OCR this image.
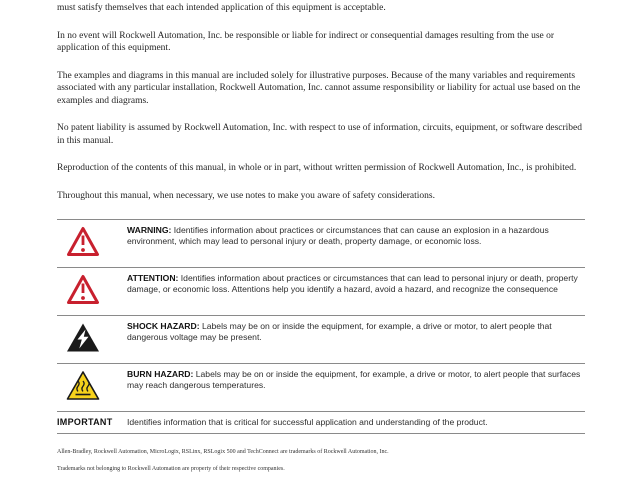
must satisfy themselves that each intended application of this equipment is acceptable.

In no event will Rockwell Automation, Inc. be responsible or liable for indirect or consequential damages resulting from the use or application of this equipment.

The examples and diagrams in this manual are included solely for illustrative purposes. Because of the many variables and requirements associated with any particular installation, Rockwell Automation, Inc. cannot assume responsibility or liability for actual use based on the examples and diagrams.

No patent liability is assumed by Rockwell Automation, Inc. with respect to use of information, circuits, equipment, or software described in this manual.

Reproduction of the contents of this manual, in whole or in part, without written permission of Rockwell Automation, Inc., is prohibited.

Throughout this manual, when necessary, we use notes to make you aware of safety considerations.

WARNING: Identifies information about practices or circumstances that can cause an explosion in a hazardous environment, which may lead to personal injury or death, property damage, or economic loss.
ATTENTION: Identifies information about practices or circumstances that can lead to personal injury or death, property damage, or economic loss. Attentions help you identify a hazard, avoid a hazard, and recognize the consequence
SHOCK HAZARD: Labels may be on or inside the equipment, for example, a drive or motor, to alert people that dangerous voltage may be present.
BURN HAZARD: Labels may be on or inside the equipment, for example, a drive or motor, to alert people that surfaces may reach dangerous temperatures.
IMPORTANT	Identifies information that is critical for successful application and understanding of the product.

Allen-Bradley, Rockwell Automation, MicroLogix, RSLinx, RSLogix 500 and TechConnect are trademarks of Rockwell Automation, Inc.

Trademarks not belonging to Rockwell Automation are property of their respective companies.
